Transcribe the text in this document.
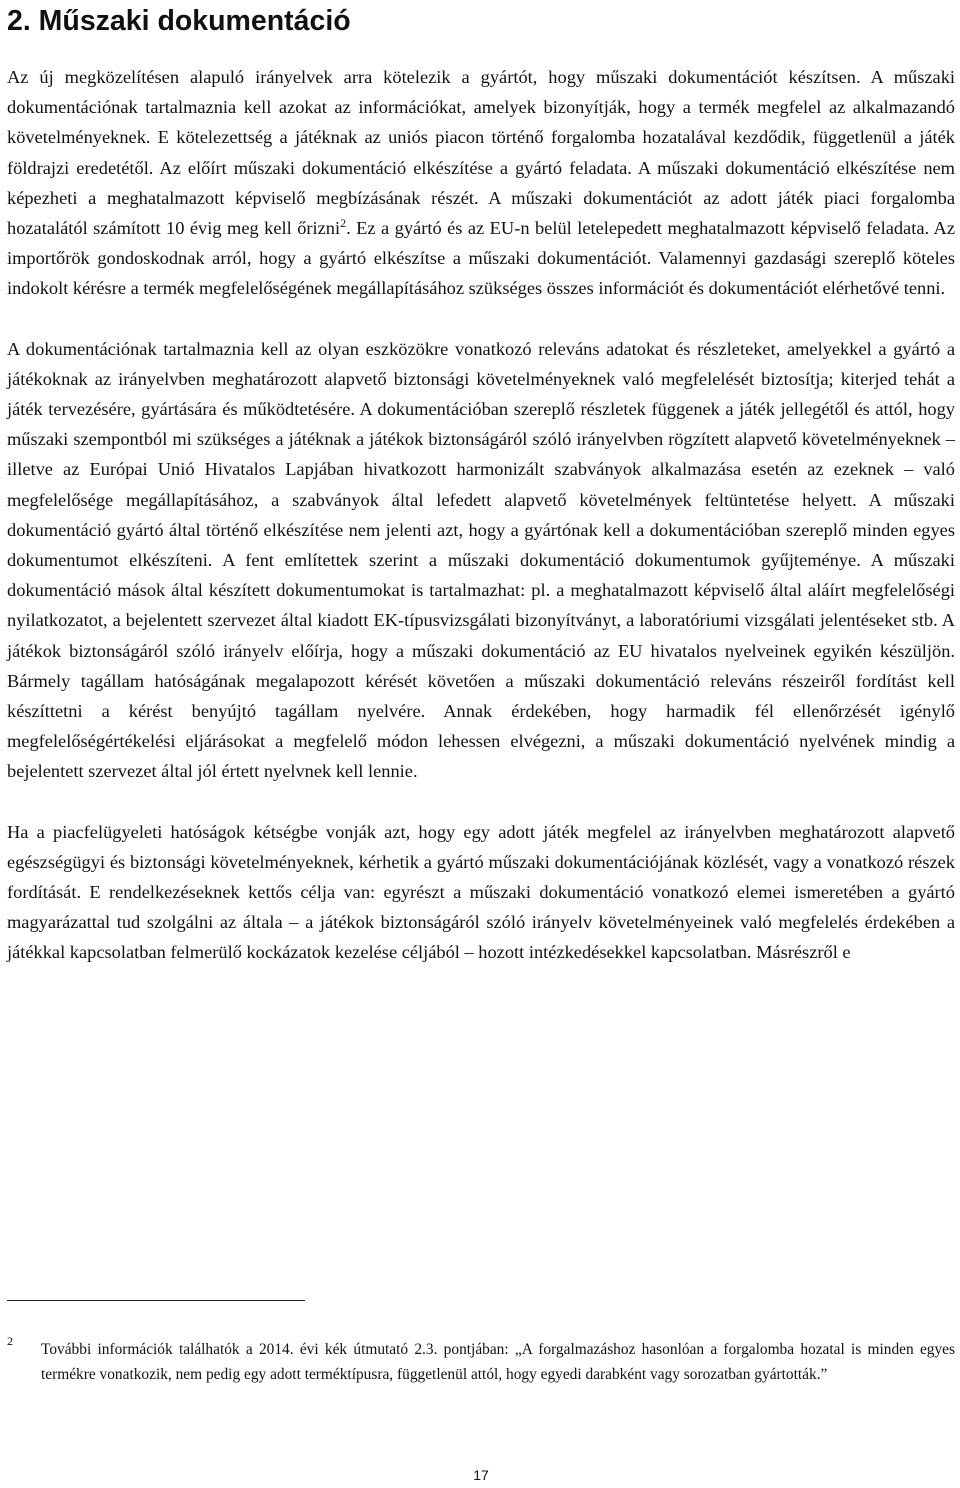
2. Műszaki dokumentáció

Az új megközelítésen alapuló irányelvek arra kötelezik a gyártót, hogy műszaki dokumentációt készítsen. A műszaki dokumentációnak tartalmaznia kell azokat az információkat, amelyek bizonyítják, hogy a termék megfelel az alkalmazandó követelményeknek. E kötelezettség a játéknak az uniós piacon történő forgalomba hozatalával kezdődik, függetlenül a játék földrajzi eredetétől. Az előírt műszaki dokumentáció elkészítése a gyártó feladata. A műszaki dokumentáció elkészítése nem képezheti a meghatalmazott képviselő megbízásának részét. A műszaki dokumentációt az adott játék piaci forgalomba hozatalától számított 10 évig meg kell őrizni$^2$. Ez a gyártó és az EU-n belül letelepedett meghatalmazott képviselő feladata. Az importőrök gondoskodnak arról, hogy a gyártó elkészítse a műszaki dokumentációt. Valamennyi gazdasági szereplő köteles indokolt kérésre a termék megfelelőségének megállapításához szükséges összes információt és dokumentációt elérhetővé tenni.

A dokumentációnak tartalmaznia kell az olyan eszközökre vonatkozó releváns adatokat és részleteket, amelyekkel a gyártó a játékoknak az irányelvben meghatározott alapvető biztonsági követelményeknek való megfelelését biztosítja; kiterjed tehát a játék tervezésére, gyártására és működtetésére. A dokumentációban szereplő részletek függenek a játék jellegétől és attól, hogy műszaki szempontból mi szükséges a játéknak a játékok biztonságáról szóló irányelvben rögzített alapvető követelményeknek – illetve az Európai Unió Hivatalos Lapjában hivatkozott harmonizált szabványok alkalmazása esetén az ezeknek – való megfelelősége megállapításához, a szabványok által lefedett alapvető követelmények feltüntetése helyett. A műszaki dokumentáció gyártó által történő elkészítése nem jelenti azt, hogy a gyártónak kell a dokumentációban szereplő minden egyes dokumentumot elkészíteni. A fent említettek szerint a műszaki dokumentáció dokumentumok gyűjteménye. A műszaki dokumentáció mások által készített dokumentumokat is tartalmazhat: pl. a meghatalmazott képviselő által aláírt megfelelőségi nyilatkozatot, a bejelentett szervezet által kiadott EK-típusvizsgálati bizonyítványt, a laboratóriumi vizsgálati jelentéseket stb. A játékok biztonságáról szóló irányelv előírja, hogy a műszaki dokumentáció az EU hivatalos nyelveinek egyikén készüljön. Bármely tagállam hatóságának megalapozott kérését követően a műszaki dokumentáció releváns részeiről fordítást kell készíttetni a kérést benyújtó tagállam nyelvére. Annak érdekében, hogy harmadik fél ellenőrzését igénylő megfelelőségértékelési eljárásokat a megfelelő módon lehessen elvégezni, a műszaki dokumentáció nyelvének mindig a bejelentett szervezet által jól értett nyelvnek kell lennie.

Ha a piacfelügyeleti hatóságok kétségbe vonják azt, hogy egy adott játék megfelel az irányelvben meghatározott alapvető egészségügyi és biztonsági követelményeknek, kérhetik a gyártó műszaki dokumentációjának közlését, vagy a vonatkozó részek fordítását. E rendelkezéseknek kettős célja van: egyrészt a műszaki dokumentáció vonatkozó elemei ismeretében a gyártó magyarázattal tud szolgálni az általa – a játékok biztonságáról szóló irányelv követelményeinek való megfelelés érdekében a játékkal kapcsolatban felmerülő kockázatok kezelése céljából – hozott intézkedésekkel kapcsolatban. Másrészről e

2 További információk találhatók a 2014. évi kék útmutató 2.3. pontjában: „A forgalmazáshoz hasonlóan a forgalomba hozatal is minden egyes termékre vonatkozik, nem pedig egy adott terméktípusra, függetlenül attól, hogy egyedi darabként vagy sorozatban gyártották.”
17
